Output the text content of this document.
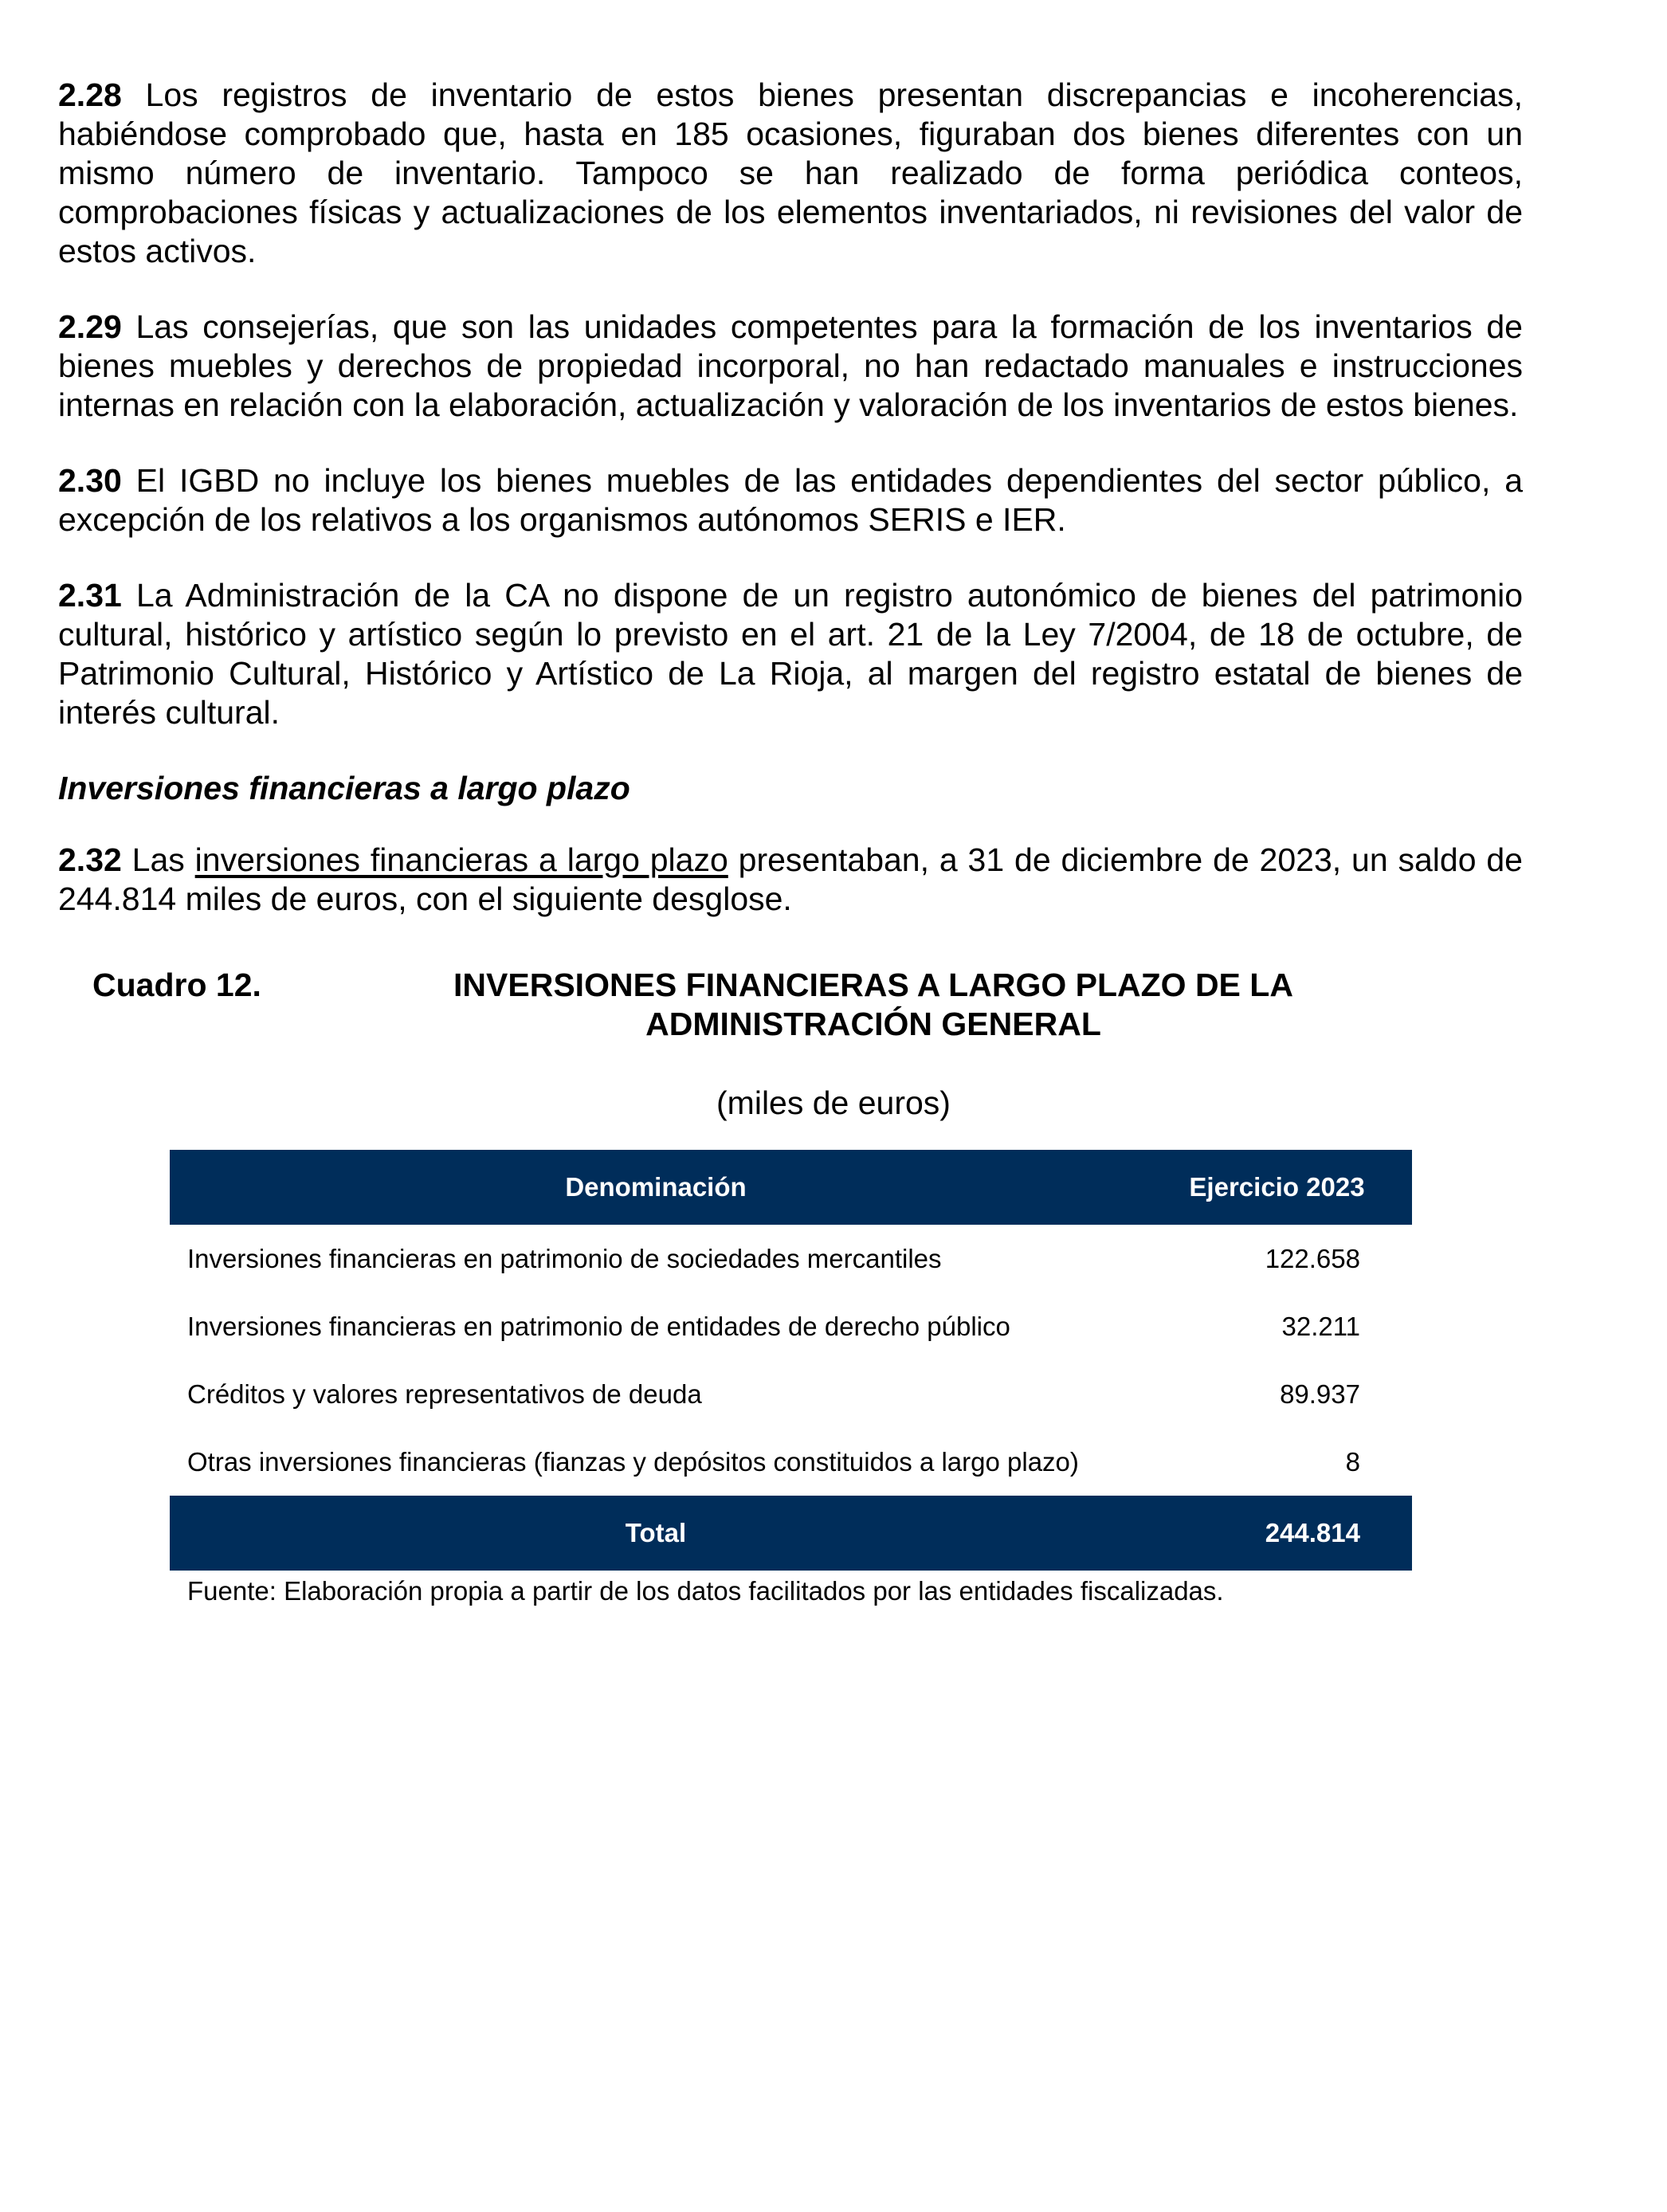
2.28 Los registros de inventario de estos bienes presentan discrepancias e incoherencias, habiéndose comprobado que, hasta en 185 ocasiones, figuraban dos bienes diferentes con un mismo número de inventario. Tampoco se han realizado de forma periódica conteos, comprobaciones físicas y actualizaciones de los elementos inventariados, ni revisiones del valor de estos activos.

2.29 Las consejerías, que son las unidades competentes para la formación de los inventarios de bienes muebles y derechos de propiedad incorporal, no han redactado manuales e instrucciones internas en relación con la elaboración, actualización y valoración de los inventarios de estos bienes.

2.30 El IGBD no incluye los bienes muebles de las entidades dependientes del sector público, a excepción de los relativos a los organismos autónomos SERIS e IER.

2.31 La Administración de la CA no dispone de un registro autonómico de bienes del patrimonio cultural, histórico y artístico según lo previsto en el art. 21 de la Ley 7/2004, de 18 de octubre, de Patrimonio Cultural, Histórico y Artístico de La Rioja, al margen del registro estatal de bienes de interés cultural.

Inversiones financieras a largo plazo

2.32 Las inversiones financieras a largo plazo presentaban, a 31 de diciembre de 2023, un saldo de 244.814 miles de euros, con el siguiente desglose.

Cuadro 12.	INVERSIONES FINANCIERAS A LARGO PLAZO DE LA ADMINISTRACIÓN GENERAL
(miles de euros)
Denominación	Ejercicio 2023
Inversiones financieras en patrimonio de sociedades mercantiles	122.658
Inversiones financieras en patrimonio de entidades de derecho público	32.211
Créditos y valores representativos de deuda	89.937
Otras inversiones financieras (fianzas y depósitos constituidos a largo plazo)	8
Total	244.814
Fuente: Elaboración propia a partir de los datos facilitados por las entidades fiscalizadas.
